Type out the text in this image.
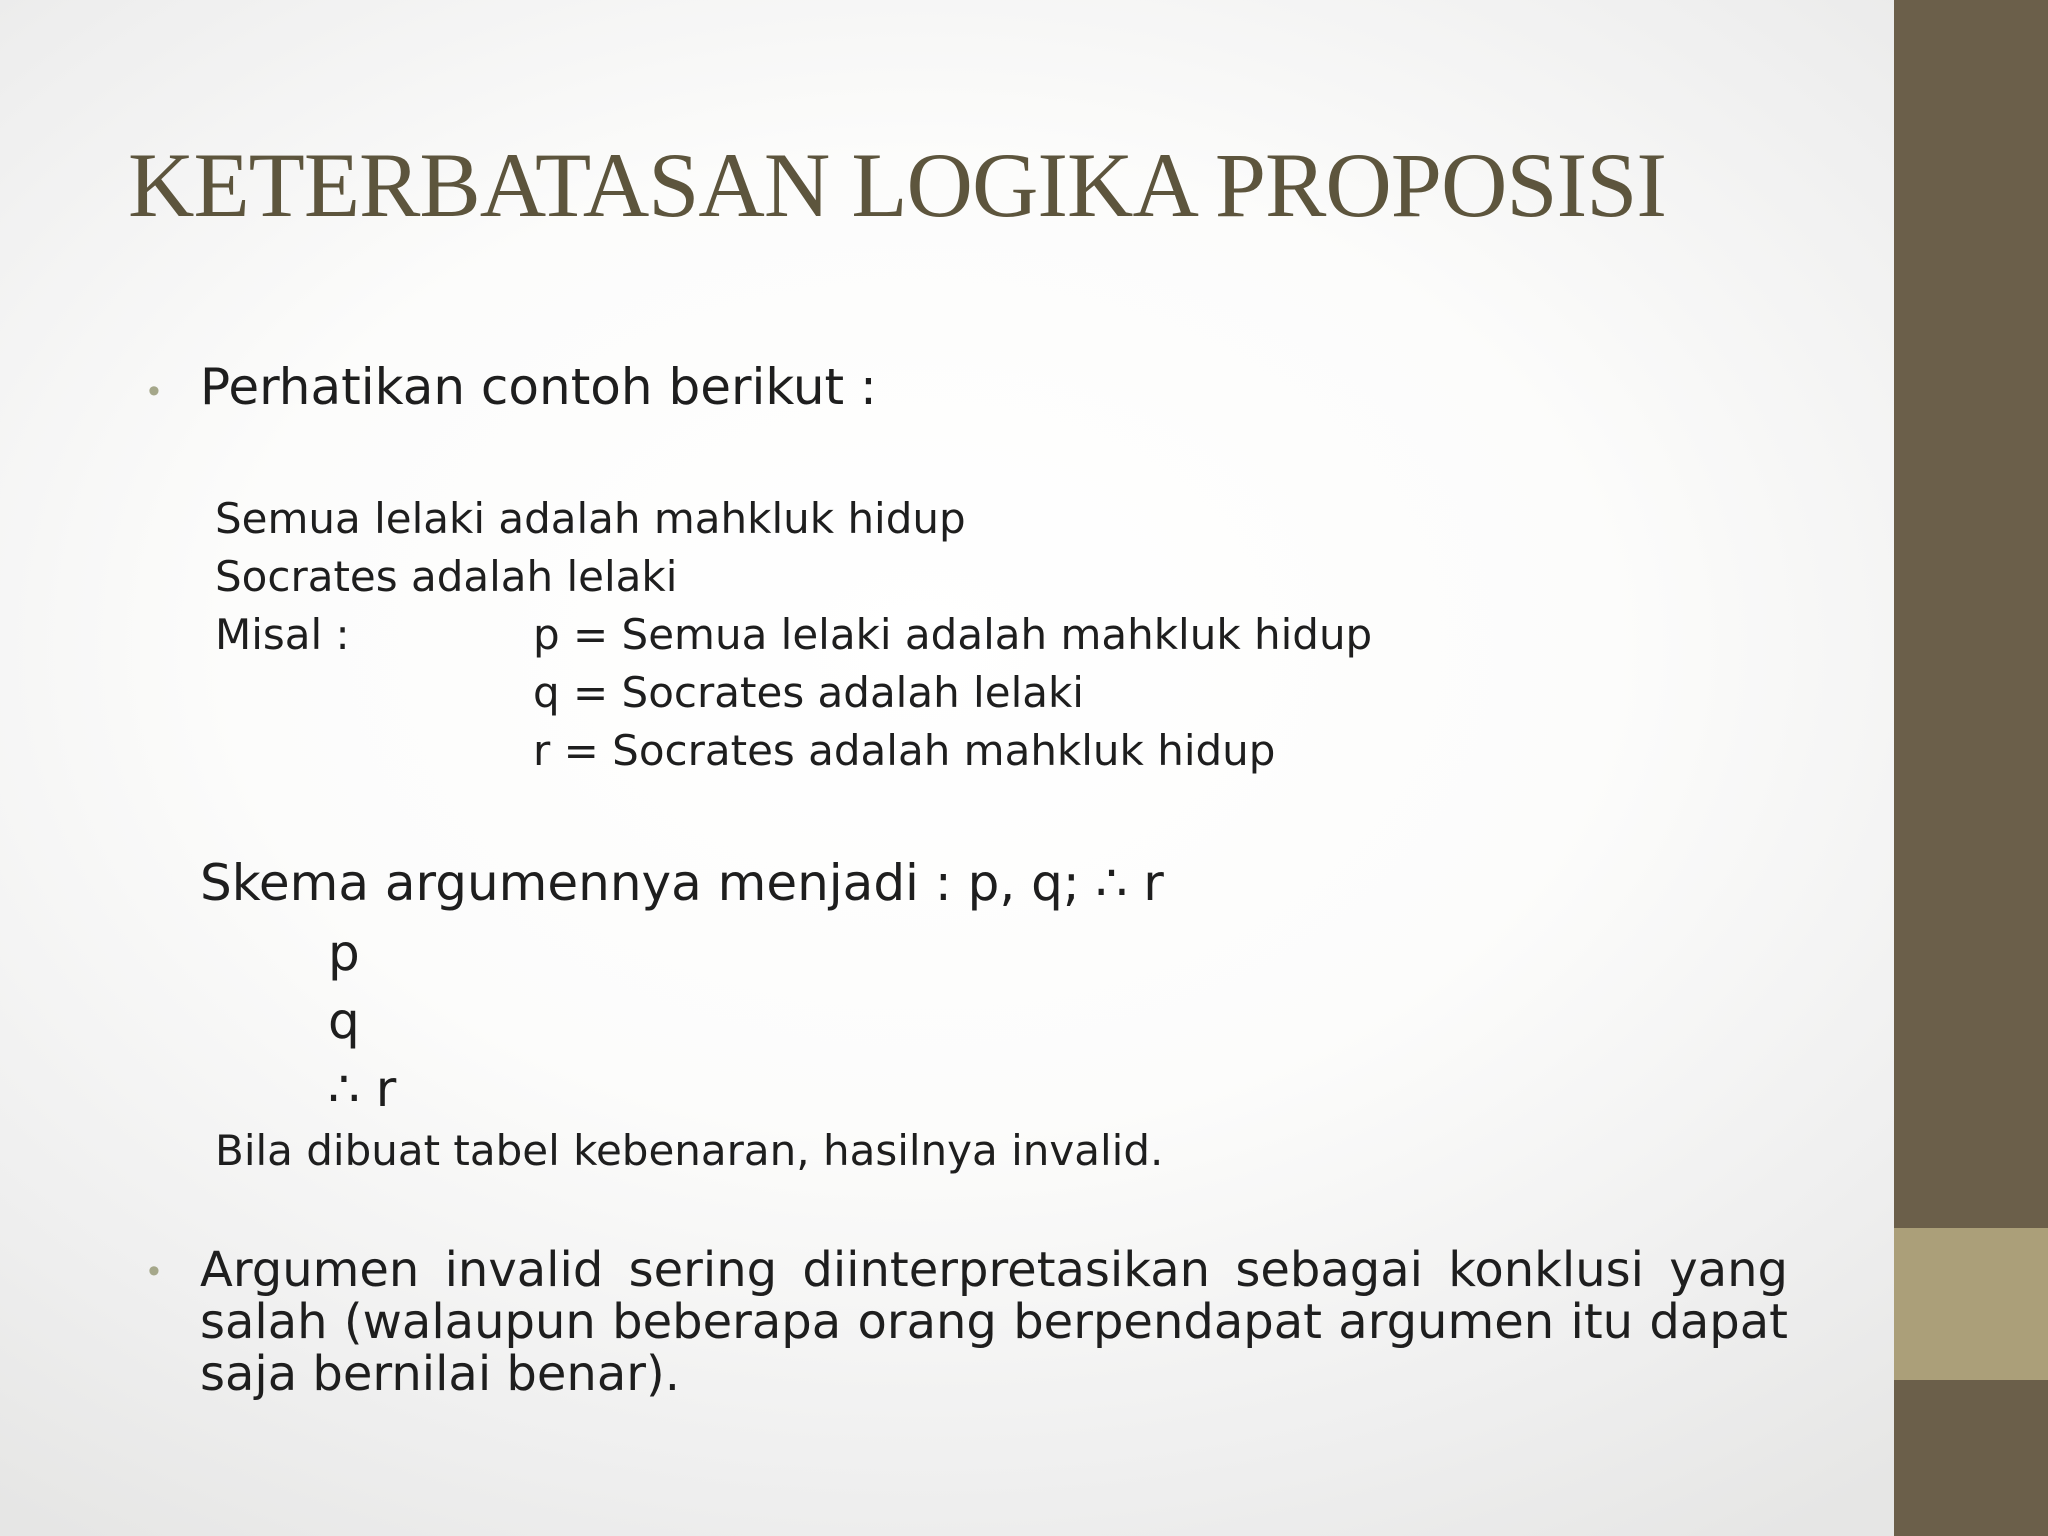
KETERBATASAN LOGIKA PROPOSISI
• Perhatikan contoh berikut :
Semua lelaki adalah mahkluk hidup
Socrates adalah lelaki
Misal :	p = Semua lelaki adalah mahkluk hidup
q = Socrates adalah lelaki
r = Socrates adalah mahkluk hidup
Skema argumennya menjadi : p, q; ∴ r
p
q
∴ r
Bila dibuat tabel kebenaran, hasilnya invalid.
• Argumen invalid sering diinterpretasikan sebagai konklusi yang salah (walaupun beberapa orang berpendapat argumen itu dapat saja bernilai benar).
